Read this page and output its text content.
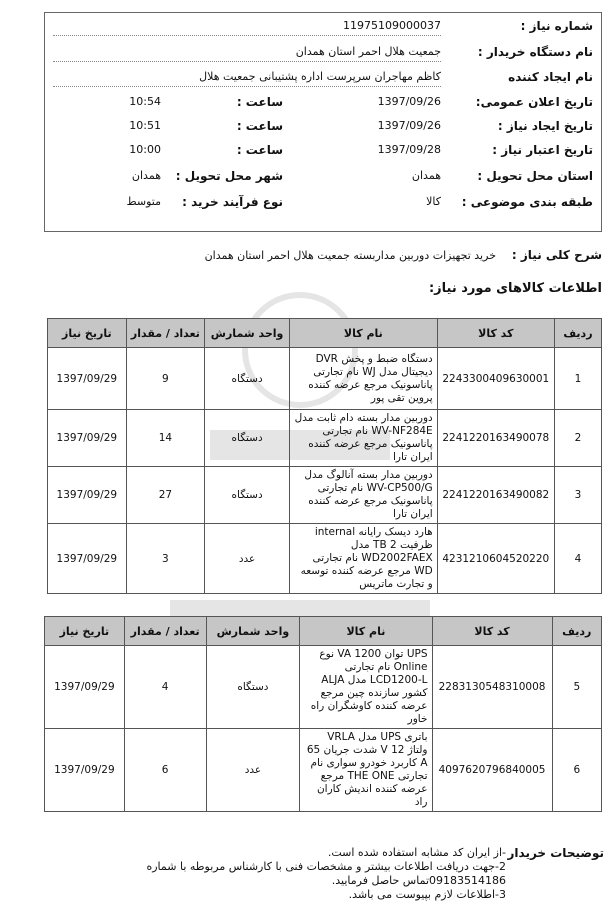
شماره نیاز :
11975109000037
نام دستگاه خریدار :
جمعیت هلال احمر استان همدان
نام ایجاد کننده
کاظم مهاجران سرپرست اداره پشتیبانی جمعیت هلال
تاریخ اعلان عمومی:
1397/09/26
ساعت :
10:54
تاریخ ایجاد نیاز :
1397/09/26
ساعت :
10:51
تاریخ اعتبار نیاز :
1397/09/28
ساعت :
10:00
استان محل تحویل :
همدان
شهر محل تحویل :
همدان
طبقه بندی موضوعی :
کالا
نوع فرآیند خرید :
متوسط
شرح کلی نیاز :
خرید تجهیزات دوربین مداربسته جمعیت هلال احمر استان همدان
اطلاعات کالاهای مورد نیاز:
ردیف	کد کالا	نام کالا	واحد شمارش	تعداد / مقدار	تاریخ نیاز
1	2243300409630001	دستگاه ضبط و پخش DVR دیجیتال مدل WJ نام تجارتی پاناسونیک مرجع عرضه کننده پروین تقی پور	دستگاه	9	1397/09/29
2	2241220163490078	دوربین مدار بسته دام ثابت مدل WV-NF284E نام تجارتی پاناسونیک مرجع عرضه کننده ایران تارا	دستگاه	14	1397/09/29
3	2241220163490082	دوربین مدار بسته آنالوگ مدل WV-CP500/G نام تجارتی پاناسونیک مرجع عرضه کننده ایران تارا	دستگاه	27	1397/09/29
4	4231210604520220	هارد دیسک رایانه internal ظرفیت 2 TB مدل WD2002FAEX نام تجارتی WD مرجع عرضه کننده توسعه و تجارت ماتریس	عدد	3	1397/09/29
ردیف	کد کالا	نام کالا	واحد شمارش	تعداد / مقدار	تاریخ نیاز
5	2283130548310008	UPS توان 1200 VA نوع Online نام تجارتی LCD1200-L مدل ALJA کشور سازنده چین مرجع عرضه کننده کاوشگران راه خاور	دستگاه	4	1397/09/29
6	4097620796840005	باتری UPS مدل VRLA ولتاژ 12 V شدت جریان 65 A کاربرد خودرو سواری نام تجارتی THE ONE مرجع عرضه کننده اندیش کاران راد	عدد	6	1397/09/29
توضیحات خریدار
-از ایران کد مشابه استفاده شده است.
2-جهت دریافت اطلاعات بیشتر و مشخصات فنی با کارشناس مربوطه با شماره 09183514186تماس حاصل فرمایید.
3-اطلاعات لازم بپیوست می باشد.
